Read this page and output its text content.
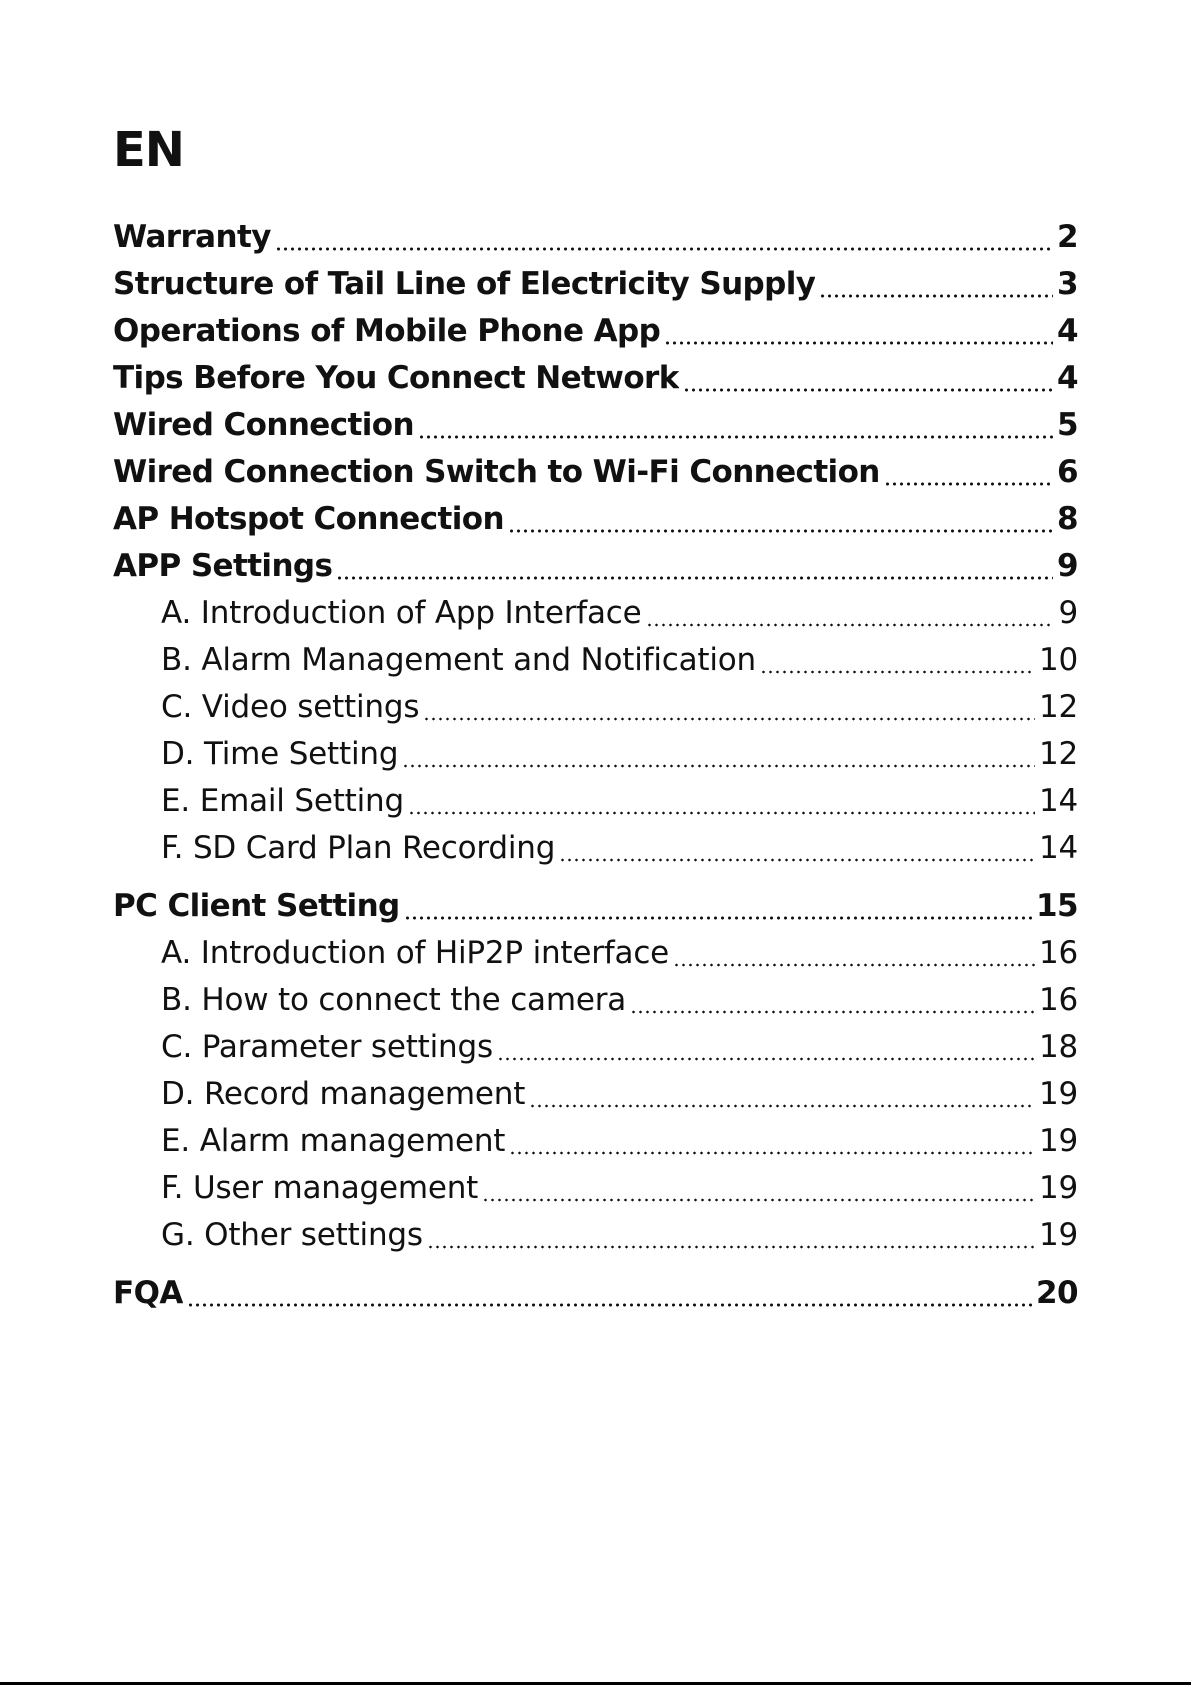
EN
Warranty	2
Structure of Tail Line of Electricity Supply	3
Operations of Mobile Phone App	4
Tips Before You Connect Network	4
Wired Connection	5
Wired Connection Switch to Wi-Fi Connection	6
AP Hotspot Connection	8
APP Settings	9
A. Introduction of App Interface	9
B. Alarm Management and Notification	10
C. Video settings	12
D. Time Setting	12
E. Email Setting	14
F. SD Card Plan Recording	14
PC Client Setting	15
A. Introduction of HiP2P interface	16
B. How to connect the camera	16
C. Parameter settings	18
D. Record management	19
E. Alarm management	19
F. User management	19
G. Other settings	19
FQA	20
